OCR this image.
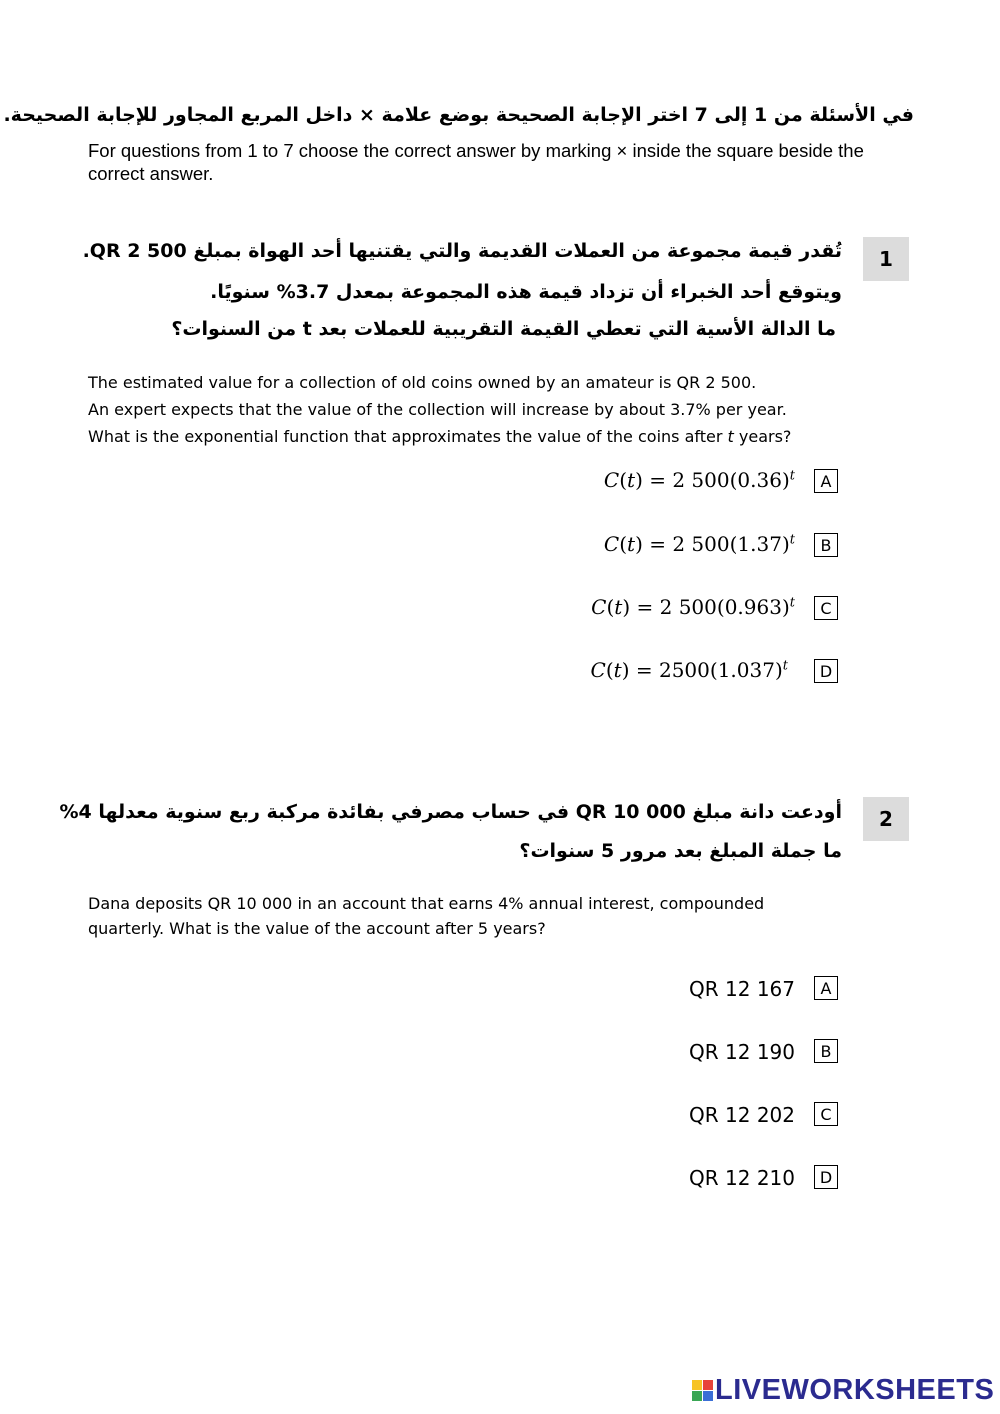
في الأسئلة من 1 إلى 7 اختر الإجابة الصحيحة بوضع علامة × داخل المربع المجاور للإجابة الصحيحة.
For questions from 1 to 7 choose the correct answer by marking × inside the square beside the correct answer.
1
تُقدر قيمة مجموعة من العملات القديمة والتي يقتنيها أحد الهواة بمبلغ QR 2 500.
ويتوقع أحد الخبراء أن تزداد قيمة هذه المجموعة بمعدل 3.7% سنويًا.
ما الدالة الأسية التي تعطي القيمة التقريبية للعملات بعد t من السنوات؟
The estimated value for a collection of old coins owned by an amateur is QR 2 500.
An expert expects that the value of the collection will increase by about 3.7% per year.
What is the exponential function that approximates the value of the coins after t years?
C(t) = 2 $500(0.36)^t$	A
C(t) = 2 $500(1.37)^t$	B
C(t) = 2 $500(0.963)^t$	C
$C(t) = 2500(1.037)^t$	D
2
أودعت دانة مبلغ QR 10 000 في حساب مصرفي بفائدة مركبة ربع سنوية معدلها 4%
ما جملة المبلغ بعد مرور 5 سنوات؟
Dana deposits QR 10 000 in an account that earns 4% annual interest, compounded
quarterly. What is the value of the account after 5 years?
QR 12 167	A
QR 12 190	B
QR 12 202	C
QR 12 210	D
LIVEWORKSHEETS
